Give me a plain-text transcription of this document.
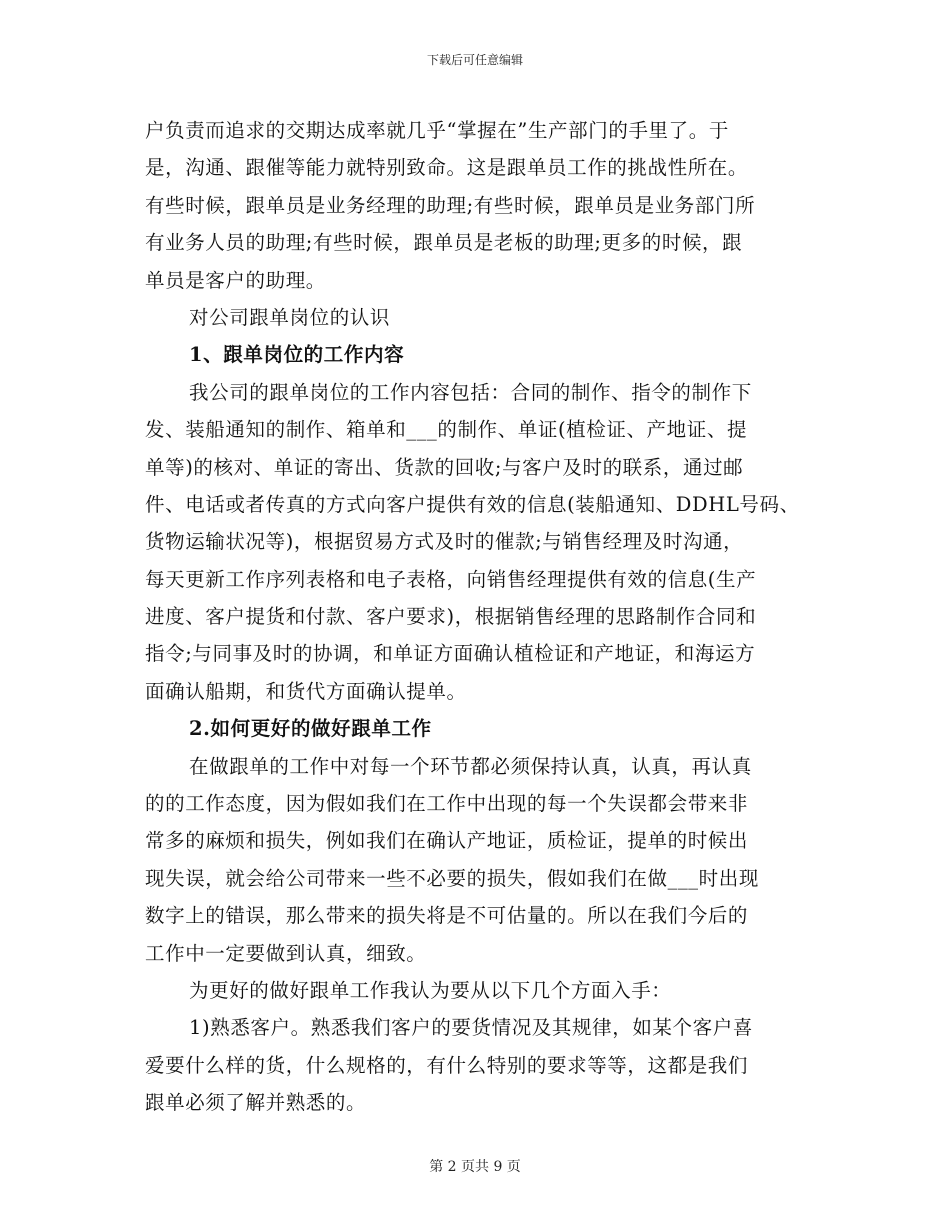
下载后可任意编辑
户负责而追求的交期达成率就几乎“掌握在”生产部门的手里了。于
是，沟通、跟催等能力就特别致命。这是跟单员工作的挑战性所在。
有些时候，跟单员是业务经理的助理;有些时候，跟单员是业务部门所
有业务人员的助理;有些时候，跟单员是老板的助理;更多的时候，跟
单员是客户的助理。
对公司跟单岗位的认识
1、跟单岗位的工作内容
我公司的跟单岗位的工作内容包括：合同的制作、指令的制作下
发、装船通知的制作、箱单和___的制作、单证(植检证、产地证、提
单等)的核对、单证的寄出、货款的回收;与客户及时的联系，通过邮
件、电话或者传真的方式向客户提供有效的信息(装船通知、DDHL号码、
货物运输状况等)，根据贸易方式及时的催款;与销售经理及时沟通，
每天更新工作序列表格和电子表格，向销售经理提供有效的信息(生产
进度、客户提货和付款、客户要求)，根据销售经理的思路制作合同和
指令;与同事及时的协调，和单证方面确认植检证和产地证，和海运方
面确认船期，和货代方面确认提单。
2.如何更好的做好跟单工作
在做跟单的工作中对每一个环节都必须保持认真，认真，再认真
的的工作态度，因为假如我们在工作中出现的每一个失误都会带来非
常多的麻烦和损失，例如我们在确认产地证，质检证，提单的时候出
现失误，就会给公司带来一些不必要的损失，假如我们在做___时出现
数字上的错误，那么带来的损失将是不可估量的。所以在我们今后的
工作中一定要做到认真，细致。
为更好的做好跟单工作我认为要从以下几个方面入手：
1)熟悉客户。熟悉我们客户的要货情况及其规律，如某个客户喜
爱要什么样的货，什么规格的，有什么特别的要求等等，这都是我们
跟单必须了解并熟悉的。
第 2 页共 9 页
